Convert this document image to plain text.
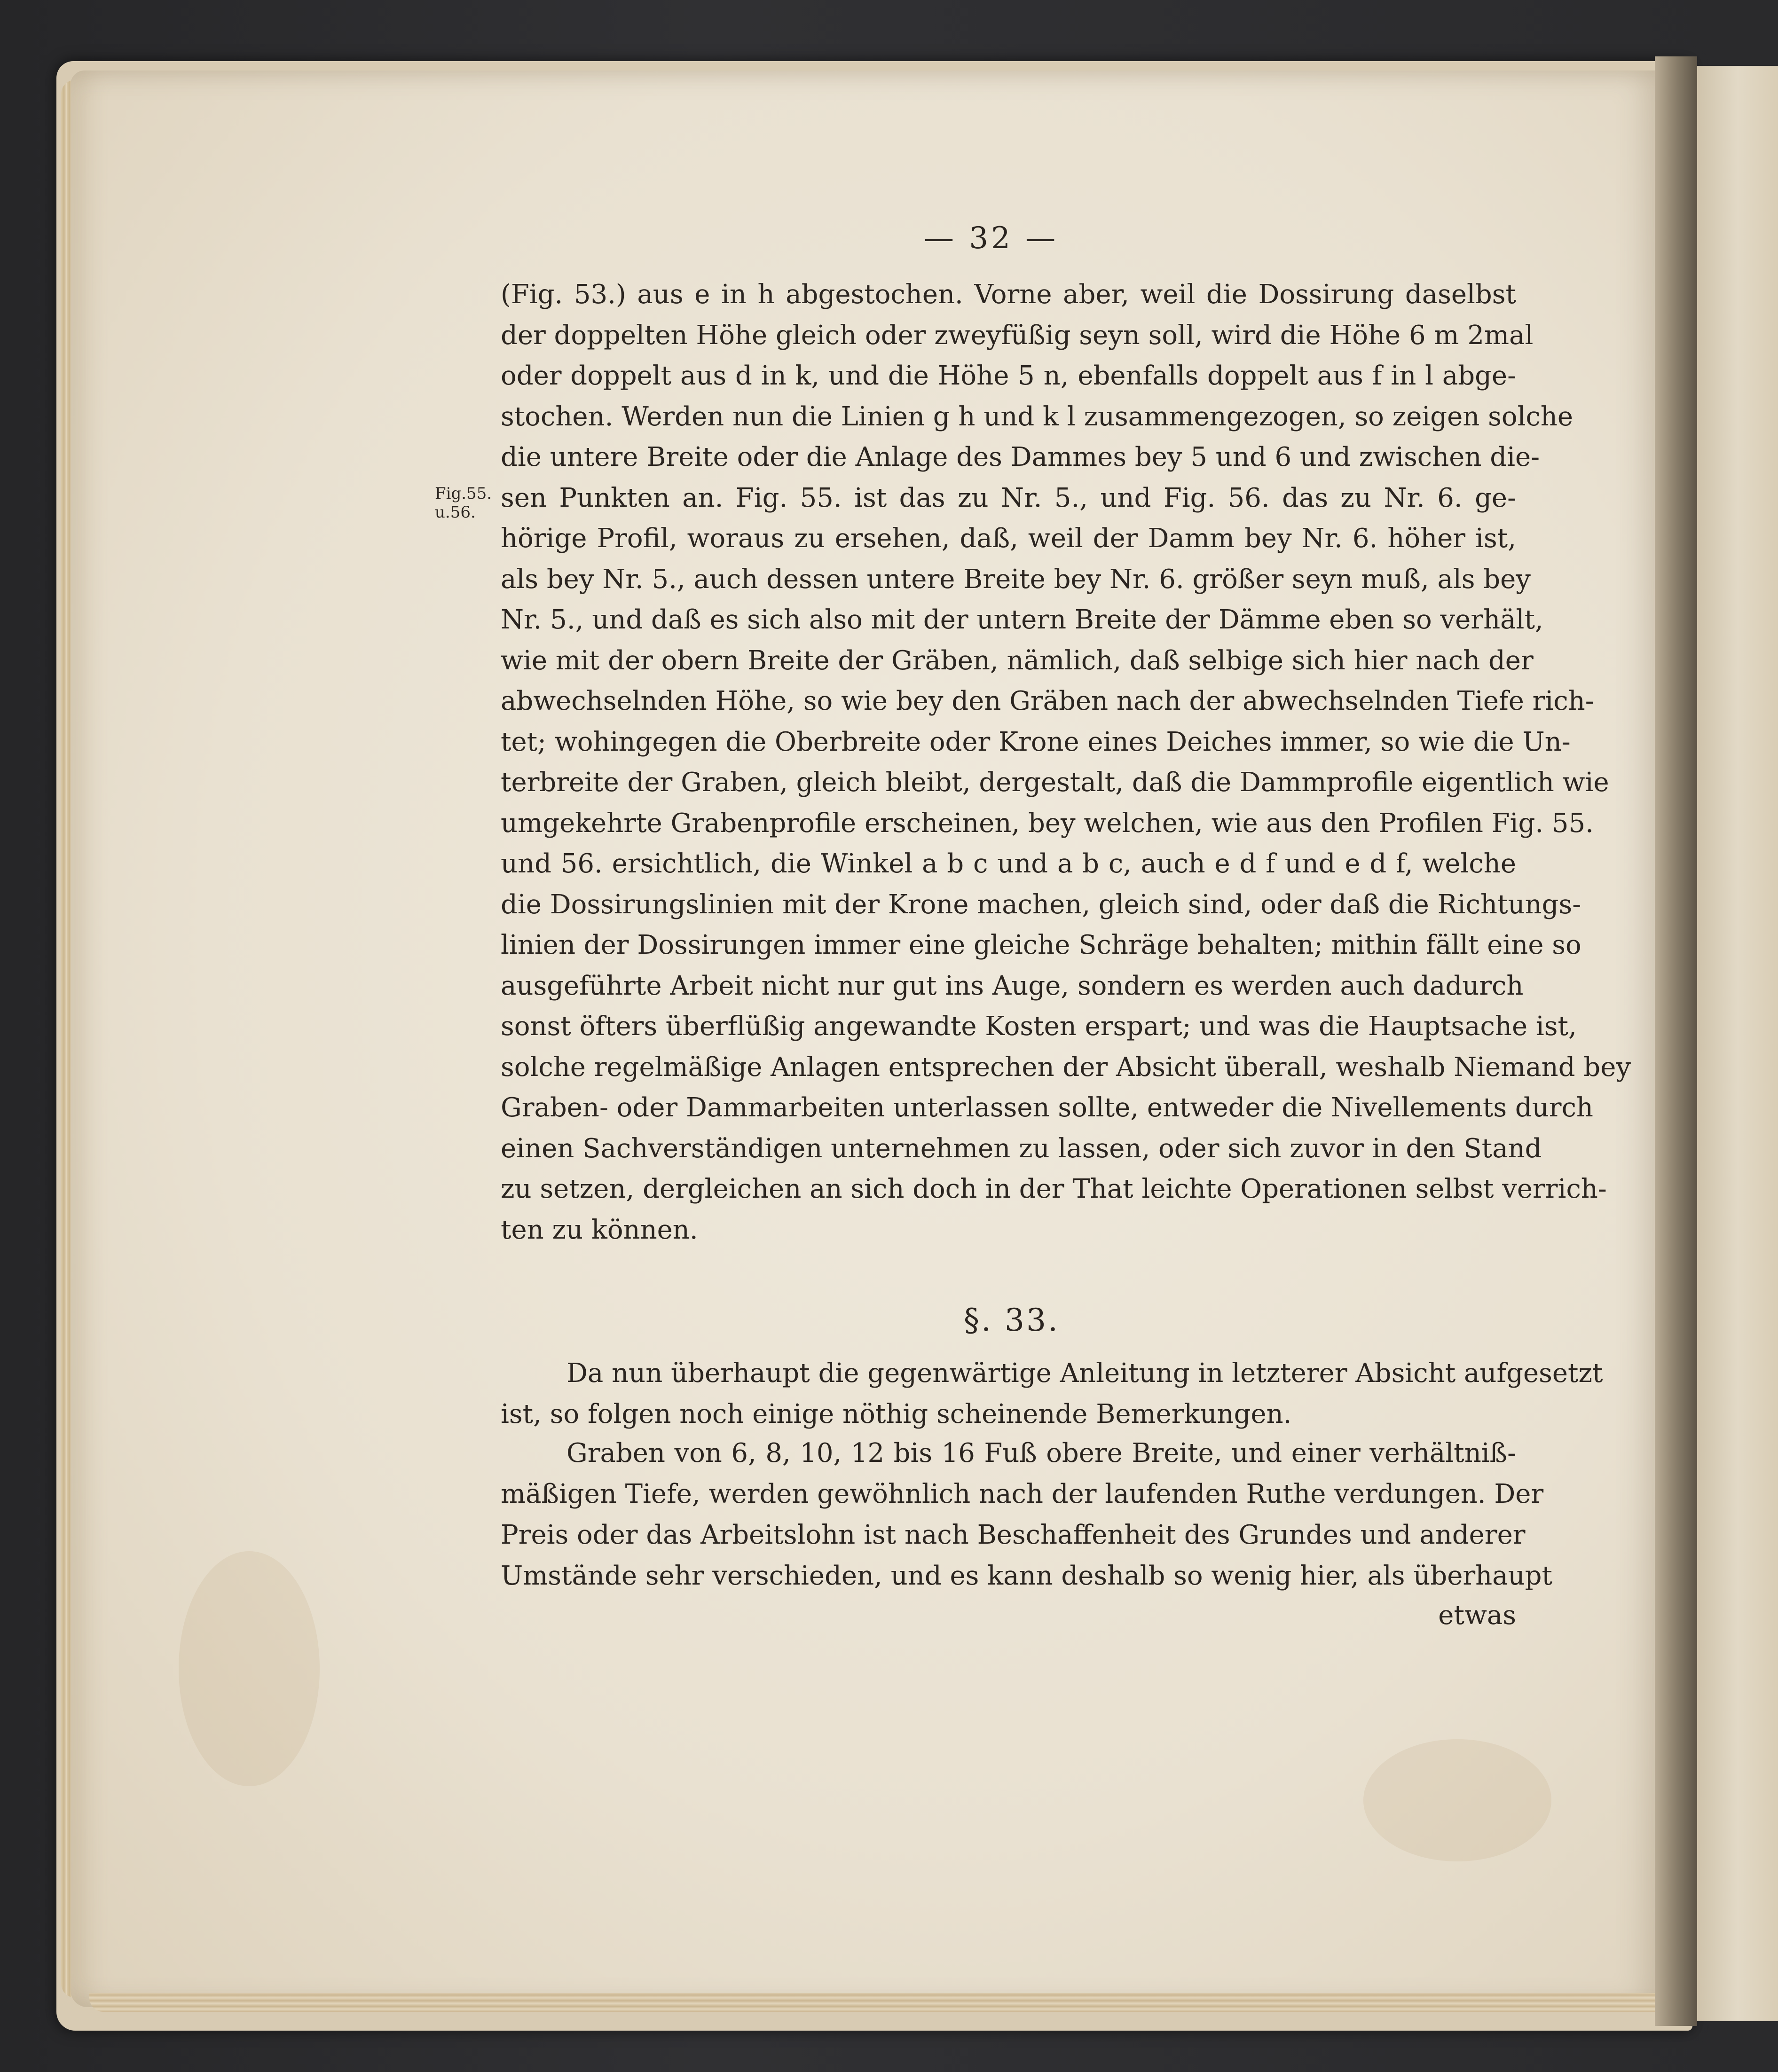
— 32 —
Fig.55. u.56.
(Fig. 53.) aus e in h abgestochen. Vorne aber, weil die Dossirung daselbst
der doppelten Höhe gleich oder zweyfüßig seyn soll, wird die Höhe 6 m 2mal
oder doppelt aus d in k, und die Höhe 5 n, ebenfalls doppelt aus f in l abge-
stochen. Werden nun die Linien g h und k l zusammengezogen, so zeigen solche
die untere Breite oder die Anlage des Dammes bey 5 und 6 und zwischen die-
sen Punkten an. Fig. 55. ist das zu Nr. 5., und Fig. 56. das zu Nr. 6. ge-
hörige Profil, woraus zu ersehen, daß, weil der Damm bey Nr. 6. höher ist,
als bey Nr. 5., auch dessen untere Breite bey Nr. 6. größer seyn muß, als bey
Nr. 5., und daß es sich also mit der untern Breite der Dämme eben so verhält,
wie mit der obern Breite der Gräben, nämlich, daß selbige sich hier nach der
abwechselnden Höhe, so wie bey den Gräben nach der abwechselnden Tiefe rich-
tet; wohingegen die Oberbreite oder Krone eines Deiches immer, so wie die Un-
terbreite der Graben, gleich bleibt, dergestalt, daß die Dammprofile eigentlich wie
umgekehrte Grabenprofile erscheinen, bey welchen, wie aus den Profilen Fig. 55.
und 56. ersichtlich, die Winkel a b c und a b c, auch e d f und e d f, welche
die Dossirungslinien mit der Krone machen, gleich sind, oder daß die Richtungs-
linien der Dossirungen immer eine gleiche Schräge behalten; mithin fällt eine so
ausgeführte Arbeit nicht nur gut ins Auge, sondern es werden auch dadurch
sonst öfters überflüßig angewandte Kosten erspart; und was die Hauptsache ist,
solche regelmäßige Anlagen entsprechen der Absicht überall, weshalb Niemand bey
Graben- oder Dammarbeiten unterlassen sollte, entweder die Nivellements durch
einen Sachverständigen unternehmen zu lassen, oder sich zuvor in den Stand
zu setzen, dergleichen an sich doch in der That leichte Operationen selbst verrich-
ten zu können.
§. 33.
Da nun überhaupt die gegenwärtige Anleitung in letzterer Absicht aufgesetzt
ist, so folgen noch einige nöthig scheinende Bemerkungen.
Graben von 6, 8, 10, 12 bis 16 Fuß obere Breite, und einer verhältniß-
mäßigen Tiefe, werden gewöhnlich nach der laufenden Ruthe verdungen. Der
Preis oder das Arbeitslohn ist nach Beschaffenheit des Grundes und anderer
Umstände sehr verschieden, und es kann deshalb so wenig hier, als überhaupt
etwas
